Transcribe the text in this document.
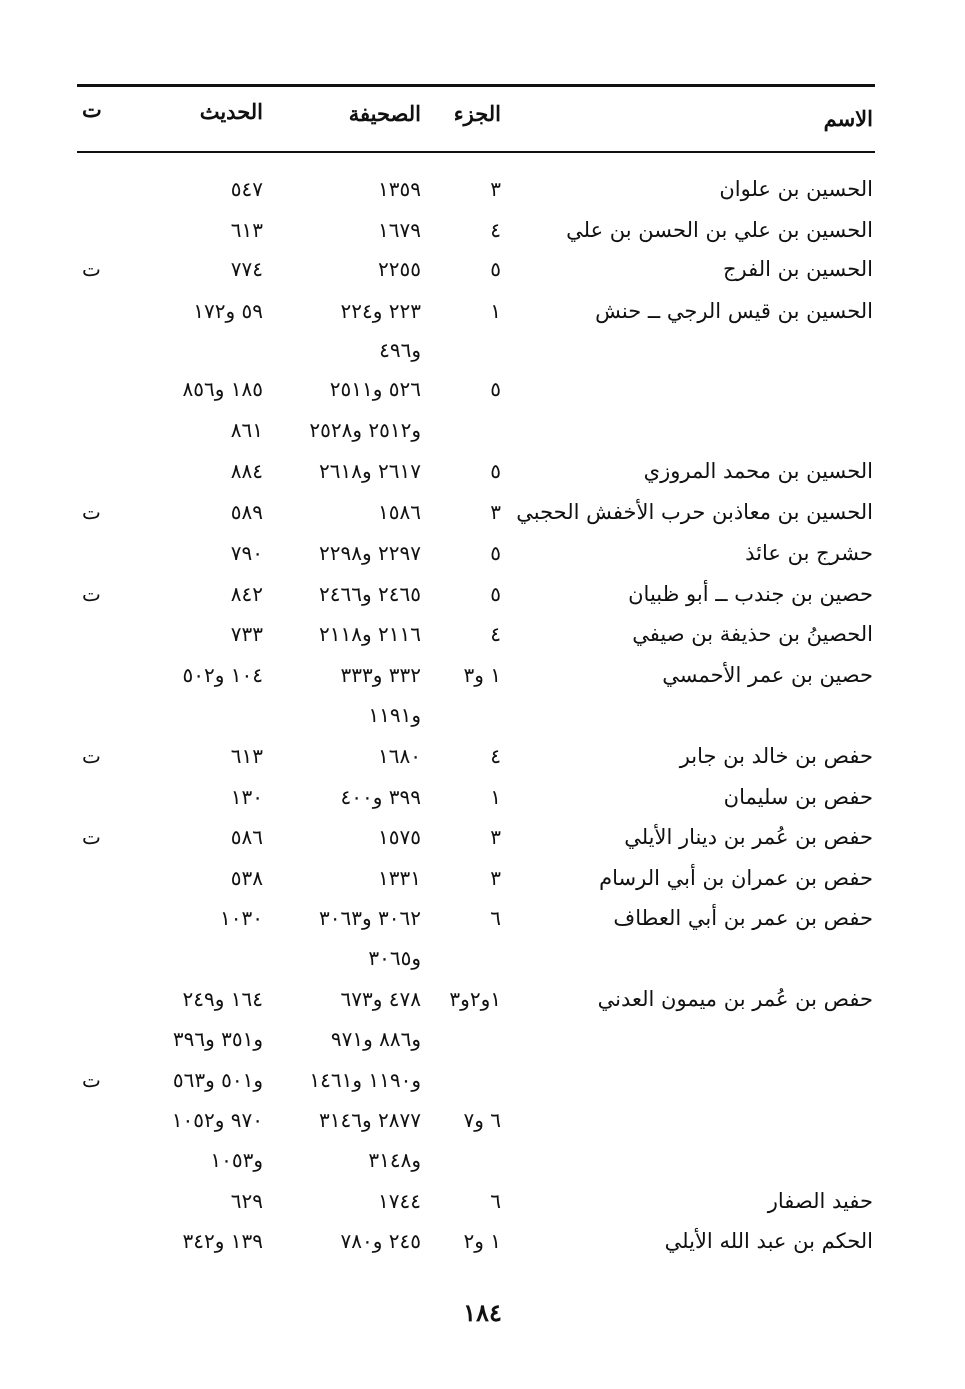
الاسم
الجزء
الصحيفة
الحديث
ت
الحسين بن علوان
٣
١٣٥٩
٥٤٧
الحسين بن علي بن الحسن بن علي
٤
١٦٧٩
٦١٣
الحسين بن الفرج
٥
٢٢٥٥
٧٧٤
ت
الحسين بن قيس الرجي ــ حنش
١
٢٢٣ و٢٢٤
٥٩ و١٧٢
و٤٩٦
٥
٥٢٦ و٢٥١١
١٨٥ و٨٥٦
و٢٥١٢ و٢٥٢٨
٨٦١
الحسين بن محمد المروزي
٥
٢٦١٧ و٢٦١٨
٨٨٤
الحسين بن معاذبن حرب الأخفش الحجبي
٣
١٥٨٦
٥٨٩
ت
حشرج بن عائذ
٥
٢٢٩٧ و٢٢٩٨
٧٩٠
حصين بن جندب ــ أبو ظبيان
٥
٢٤٦٥ و٢٤٦٦
٨٤٢
ت
الحصينُ بن حذيفة بن صيفي
٤
٢١١٦ و٢١١٨
٧٣٣
حصين بن عمر الأحمسي
١ و٣
٣٣٢ و٣٣٣
١٠٤ و٥٠٢
و١١٩١
حفص بن خالد بن جابر
٤
١٦٨٠
٦١٣
ت
حفص بن سليمان
١
٣٩٩ و٤٠٠
١٣٠
حفص بن عُمر بن دينار الأيلي
٣
١٥٧٥
٥٨٦
ت
حفص بن عمران بن أبي الرسام
٣
١٣٣١
٥٣٨
حفص بن عمر بن أبي العطاف
٦
٣٠٦٢ و٣٠٦٣
١٠٣٠
و٣٠٦٥
حفص بن عُمر بن ميمون العدني
١و٢و٣
٤٧٨ و٦٧٣
١٦٤ و٢٤٩
و٨٨٦ و٩٧١
و٣٥١ و٣٩٦
و١١٩٠ و١٤٦١
و٥٠١ و٥٦٣
ت
٦ و٧
٢٨٧٧ و٣١٤٦
٩٧٠ و١٠٥٢
و٣١٤٨
و١٠٥٣
حفيد الصفار
٦
١٧٤٤
٦٢٩
الحكم بن عبد الله الأيلي
١ و٢
٢٤٥ و٧٨٠
١٣٩ و٣٤٢
١٨٤
